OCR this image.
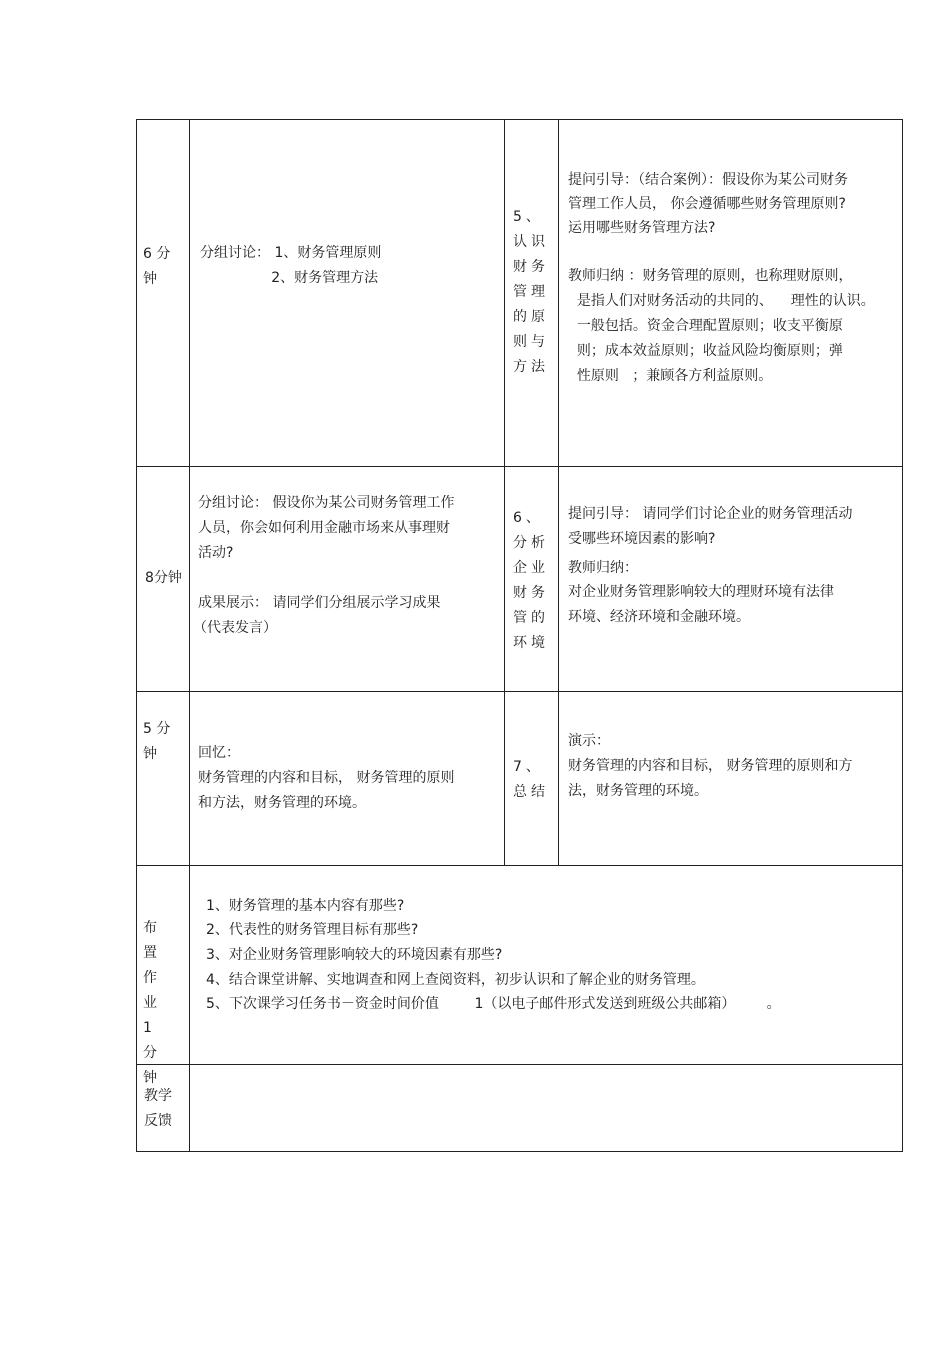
6 分钟
分组讨论： 1、财务管理原则
2、财务管理方法
5、认识财务管理的原则与方法
提问引导：（结合案例）：假设你为某公司财务
管理工作人员， 你会遵循哪些财务管理原则?
运用哪些财务管理方法?
教师归纳 ：财务管理的原则，也称理财原则，
是指人们对财务活动的共同的、    理性的认识。
一般包括。资金合理配置原则；收支平衡原
则；成本效益原则；收益风险均衡原则；弹
性原则   ；兼顾各方利益原则。
8分钟
分组讨论： 假设你为某公司财务管理工作
人员，你会如何利用金融市场来从事理财
活动?
成果展示： 请同学们分组展示学习成果
（代表发言）
6、分析企业财务管的环境
提问引导： 请同学们讨论企业的财务管理活动
受哪些环境因素的影响?
教师归纳：
对企业财务管理影响较大的理财环境有法律
环境、经济环境和金融环境。
5 分钟	回忆：
财务管理的内容和目标， 财务管理的原则
和方法，财务管理的环境。
7、总结
演示：
财务管理的内容和目标， 财务管理的原则和方
法，财务管理的环境。
布置作业 1 分钟
1、财务管理的基本内容有那些?
2、代表性的财务管理目标有那些?
3、对企业财务管理影响较大的环境因素有那些?
4、结合课堂讲解、实地调查和网上查阅资料，初步认识和了解企业的财务管理。
5、下次课学习任务书－资金时间价值        1（以电子邮件形式发送到班级公共邮箱）       。
教学反馈
